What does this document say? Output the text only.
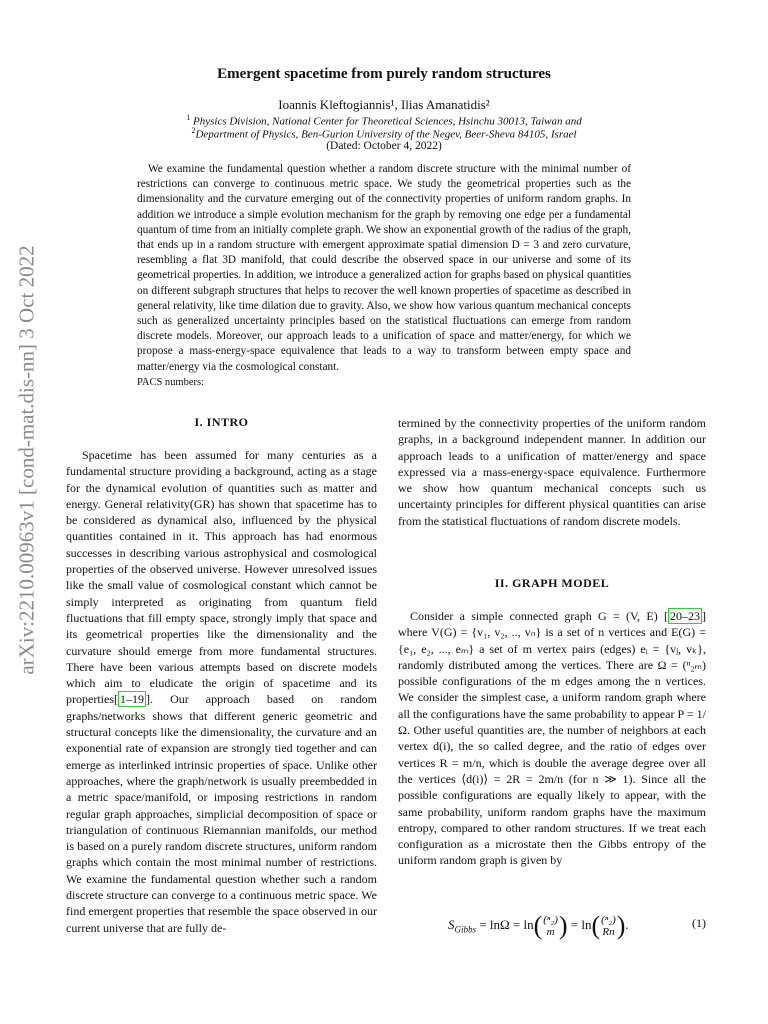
arXiv:2210.00963v1 [cond-mat.dis-nn] 3 Oct 2022
Emergent spacetime from purely random structures
Ioannis Kleftogiannis¹, Ilias Amanatidis²
$^1$ Physics Division, National Center for Theoretical Sciences, Hsinchu 30013, Taiwan and
$^2$Department of Physics, Ben-Gurion University of the Negev, Beer-Sheva 84105, Israel
(Dated: October 4, 2022)

We examine the fundamental question whether a random discrete structure with the minimal number of restrictions can converge to continuous metric space. We study the geometrical properties such as the dimensionality and the curvature emerging out of the connectivity properties of uniform random graphs. In addition we introduce a simple evolution mechanism for the graph by removing one edge per a fundamental quantum of time from an initially complete graph. We show an exponential growth of the radius of the graph, that ends up in a random structure with emergent approximate spatial dimension D = 3 and zero curvature, resembling a flat 3D manifold, that could describe the observed space in our universe and some of its geometrical properties. In addition, we introduce a generalized action for graphs based on physical quantities on different subgraph structures that helps to recover the well known properties of spacetime as described in general relativity, like time dilation due to gravity. Also, we show how various quantum mechanical concepts such as generalized uncertainty principles based on the statistical fluctuations can emerge from random discrete models. Moreover, our approach leads to a unification of space and matter/energy, for which we propose a mass-energy-space equivalence that leads to a way to transform between empty space and matter/energy via the cosmological constant.

PACS numbers:
I. INTRO

Spacetime has been assumed for many centuries as a fundamental structure providing a background, acting as a stage for the dynamical evolution of quantities such as matter and energy. General relativity(GR) has shown that spacetime has to be considered as dynamical also, influenced by the physical quantities contained in it. This approach has had enormous successes in describing various astrophysical and cosmological properties of the observed universe. However unresolved issues like the small value of cosmological constant which cannot be simply interpreted as originating from quantum field fluctuations that fill empty space, strongly imply that space and its geometrical properties like the dimensionality and the curvature should emerge from more fundamental structures. There have been various attempts based on discrete models which aim to eludicate the origin of spacetime and its properties[ 1–19 ]. Our approach based on random graphs/networks shows that different generic geometric and structural concepts like the dimensionality, the curvature and an exponential rate of expansion are strongly tied together and can emerge as interlinked intrinsic properties of space. Unlike other approaches, where the graph/network is usually preembedded in a metric space/manifold, or imposing restrictions in random regular graph approaches, simplicial decomposition of space or triangulation of continuous Riemannian manifolds, our method is based on a purely random discrete structures, uniform random graphs which contain the most minimal number of restrictions. We examine the fundamental question whether such a random discrete structure can converge to a continuous metric space. We find emergent properties that resemble the space observed in our current universe that are fully de-

termined by the connectivity properties of the uniform random graphs, in a background independent manner. In addition our approach leads to a unification of matter/energy and space expressed via a mass-energy-space equivalence. Furthermore we show how quantum mechanical concepts such us uncertainty principles for different physical quantities can arise from the statistical fluctuations of random discrete models.

II. GRAPH MODEL

Consider a simple connected graph G = (V, E) [ 20–23 ] where V(G) = {v₁, v₂, .., vₙ} is a set of n vertices and E(G) = {e₁, e₂, ..., eₘ} a set of m vertex pairs (edges) eᵢ = {vⱼ, vₖ}, randomly distributed among the vertices. There are Ω = (ⁿ₂ₘ) possible configurations of the m edges among the n vertices. We consider the simplest case, a uniform random graph where all the configurations have the same probability to appear P = 1/Ω. Other useful quantities are, the number of neighbors at each vertex d(i), the so called degree, and the ratio of edges over vertices R = m/n, which is double the average degree over all the vertices ⟨d(i)⟩ = 2R = 2m/n (for n ≫ 1). Since all the possible configurations are equally likely to appear, with the same probability, uniform random graphs have the maximum entropy, compared to other random structures. If we treat each configuration as a microstate then the Gibbs entropy of the uniform random graph is given by

$S_{Gibbs} = \ln\Omega = \ln((^n_2)$
m ) = ln((ⁿ₂)
Rn).	(1)
